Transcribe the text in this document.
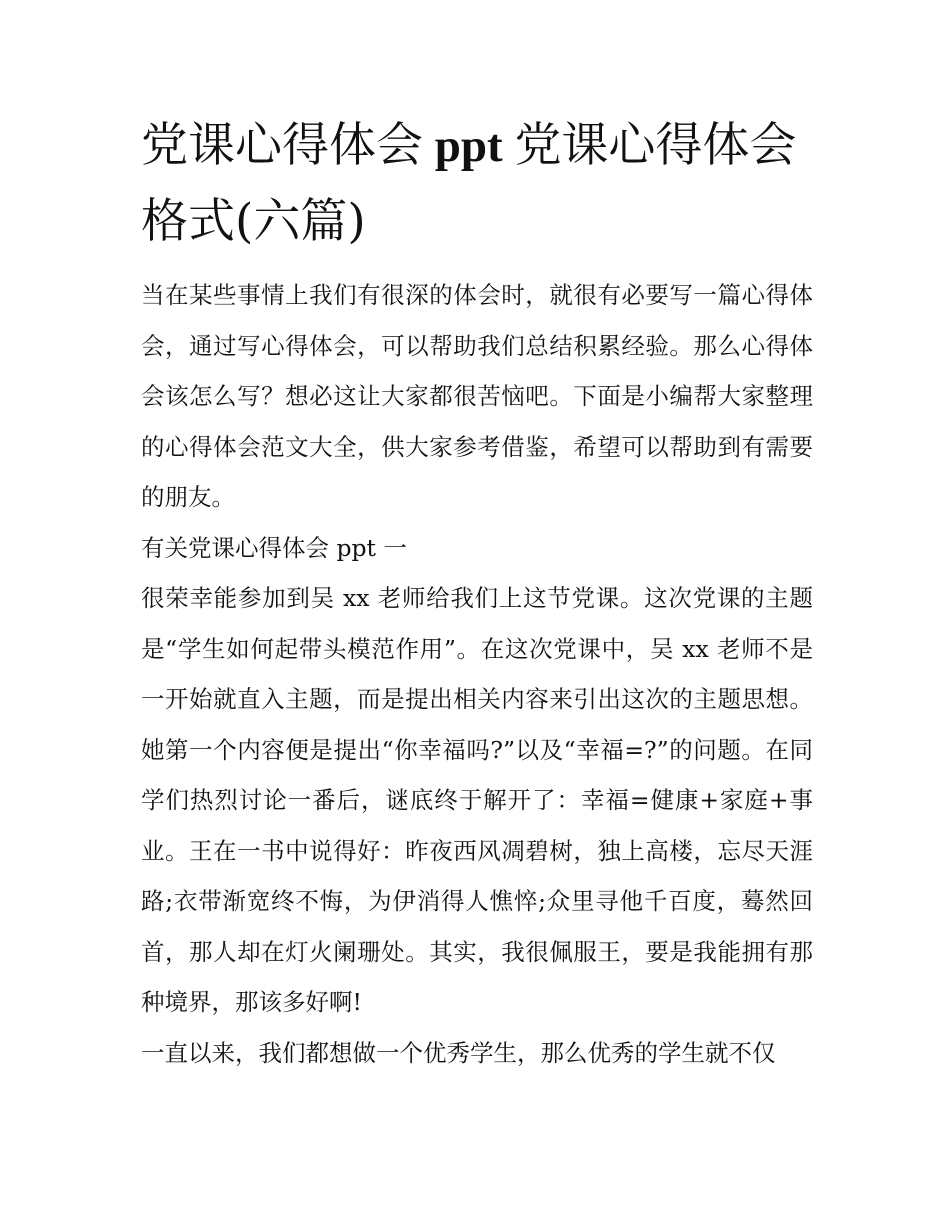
党课心得体会 ppt 党课心得体会格式(六篇)

当在某些事情上我们有很深的体会时，就很有必要写一篇心得体会，通过写心得体会，可以帮助我们总结积累经验。那么心得体会该怎么写？想必这让大家都很苦恼吧。下面是小编帮大家整理的心得体会范文大全，供大家参考借鉴，希望可以帮助到有需要的朋友。

有关党课心得体会 ppt 一

很荣幸能参加到吴 xx 老师给我们上这节党课。这次党课的主题是“学生如何起带头模范作用”。在这次党课中，吴 xx 老师不是一开始就直入主题，而是提出相关内容来引出这次的主题思想。她第一个内容便是提出“你幸福吗?”以及“幸福=?”的问题。在同学们热烈讨论一番后，谜底终于解开了：幸福=健康+家庭+事业。王在一书中说得好：昨夜西风凋碧树，独上高楼，忘尽天涯路;衣带渐宽终不悔，为伊消得人憔悴;众里寻他千百度，蓦然回首，那人却在灯火阑珊处。其实，我很佩服王，要是我能拥有那种境界，那该多好啊!

一直以来，我们都想做一个优秀学生，那么优秀的学生就不仅
